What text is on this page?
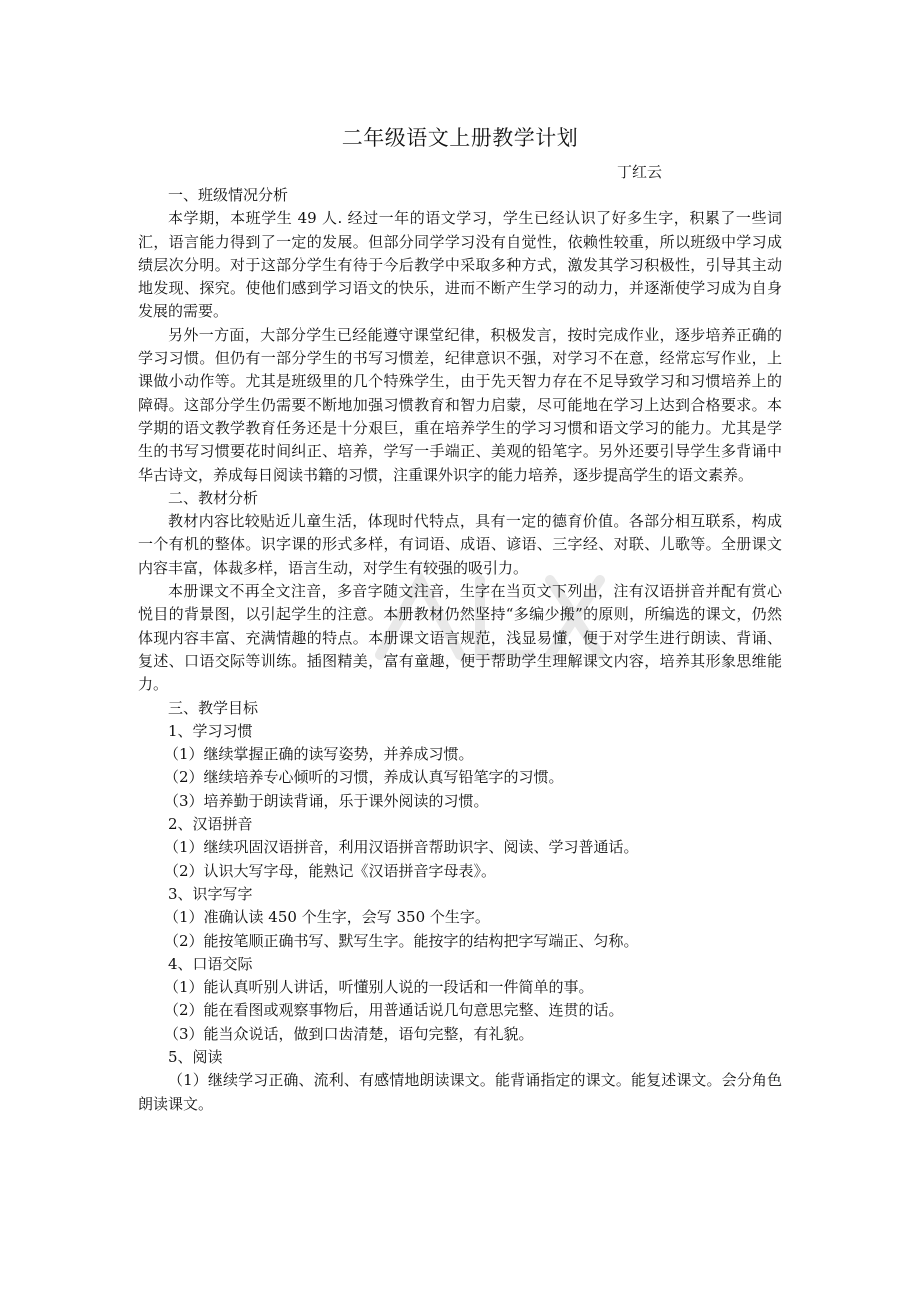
二年级语文上册教学计划
丁红云

一、班级情况分析

本学期，本班学生 49 人. 经过一年的语文学习，学生已经认识了好多生字，积累了一些词汇，语言能力得到了一定的发展。但部分同学学习没有自觉性，依赖性较重，所以班级中学习成绩层次分明。对于这部分学生有待于今后教学中采取多种方式，激发其学习积极性，引导其主动地发现、探究。使他们感到学习语文的快乐，进而不断产生学习的动力，并逐渐使学习成为自身发展的需要。

另外一方面，大部分学生已经能遵守课堂纪律，积极发言，按时完成作业，逐步培养正确的学习习惯。但仍有一部分学生的书写习惯差，纪律意识不强，对学习不在意，经常忘写作业，上课做小动作等。尤其是班级里的几个特殊学生，由于先天智力存在不足导致学习和习惯培养上的障碍。这部分学生仍需要不断地加强习惯教育和智力启蒙，尽可能地在学习上达到合格要求。本学期的语文教学教育任务还是十分艰巨，重在培养学生的学习习惯和语文学习的能力。尤其是学生的书写习惯要花时间纠正、培养，学写一手端正、美观的铅笔字。另外还要引导学生多背诵中华古诗文，养成每日阅读书籍的习惯，注重课外识字的能力培养，逐步提高学生的语文素养。

二、教材分析

教材内容比较贴近儿童生活，体现时代特点，具有一定的德育价值。各部分相互联系，构成一个有机的整体。识字课的形式多样，有词语、成语、谚语、三字经、对联、儿歌等。全册课文内容丰富，体裁多样，语言生动，对学生有较强的吸引力。

本册课文不再全文注音，多音字随文注音，生字在当页文下列出，注有汉语拼音并配有赏心悦目的背景图，以引起学生的注意。本册教材仍然坚持“多编少搬”的原则，所编选的课文，仍然体现内容丰富、充满情趣的特点。本册课文语言规范，浅显易懂，便于对学生进行朗读、背诵、复述、口语交际等训练。插图精美，富有童趣，便于帮助学生理解课文内容，培养其形象思维能力。

三、教学目标

1、学习习惯

（1）继续掌握正确的读写姿势，并养成习惯。

（2）继续培养专心倾听的习惯，养成认真写铅笔字的习惯。

（3）培养勤于朗读背诵，乐于课外阅读的习惯。

2、汉语拼音

（1）继续巩固汉语拼音，利用汉语拼音帮助识字、阅读、学习普通话。

（2）认识大写字母，能熟记《汉语拼音字母表》。

3、识字写字

（1）准确认读 450 个生字，会写 350 个生字。

（2）能按笔顺正确书写、默写生字。能按字的结构把字写端正、匀称。

4、口语交际

（1）能认真听别人讲话，听懂别人说的一段话和一件简单的事。

（2）能在看图或观察事物后，用普通话说几句意思完整、连贯的话。

（3）能当众说话，做到口齿清楚，语句完整，有礼貌。

5、阅读

（1）继续学习正确、流利、有感情地朗读课文。能背诵指定的课文。能复述课文。会分角色朗读课文。
